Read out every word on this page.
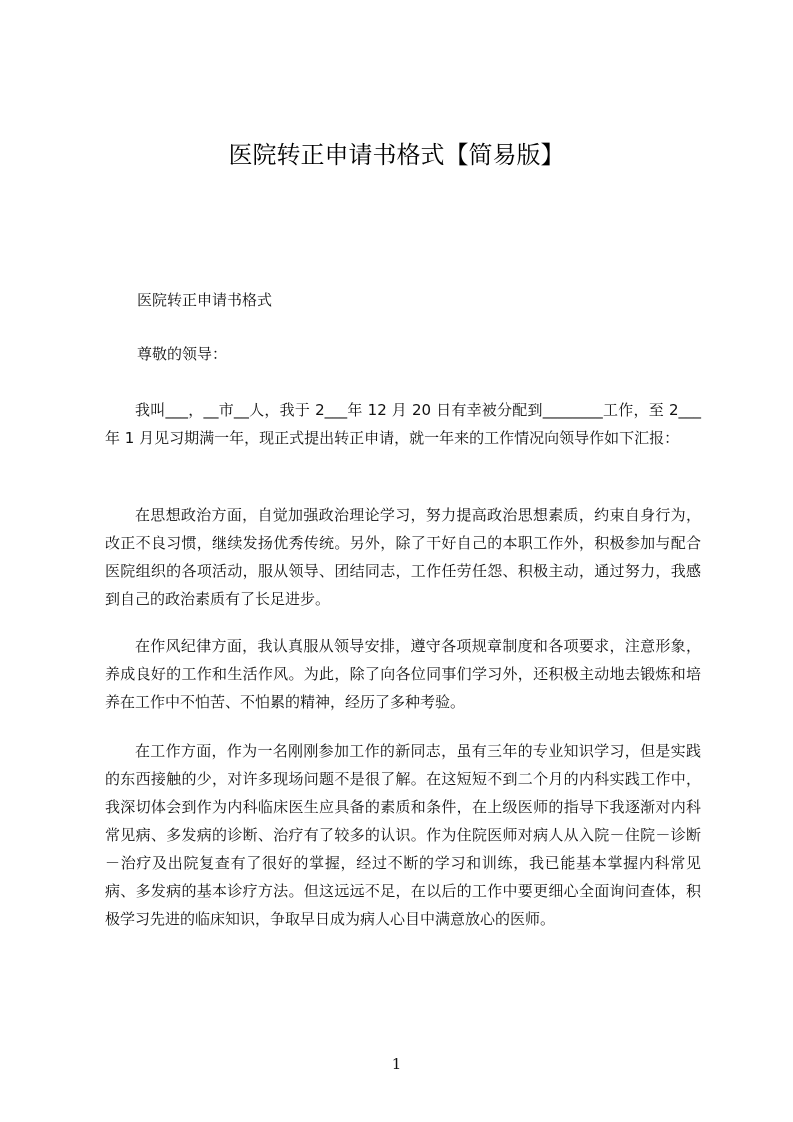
医院转正申请书格式【简易版】
医院转正申请书格式
尊敬的领导：
我叫___，__市__人，我于 2___年 12 月 20 日有幸被分配到________工作，至 2___年 1 月见习期满一年，现正式提出转正申请，就一年来的工作情况向领导作如下汇报：
在思想政治方面，自觉加强政治理论学习，努力提高政治思想素质，约束自身行为，改正不良习惯，继续发扬优秀传统。另外，除了干好自己的本职工作外，积极参加与配合医院组织的各项活动，服从领导、团结同志，工作任劳任怨、积极主动，通过努力，我感到自己的政治素质有了长足进步。
在作风纪律方面，我认真服从领导安排，遵守各项规章制度和各项要求，注意形象，养成良好的工作和生活作风。为此，除了向各位同事们学习外，还积极主动地去锻炼和培养在工作中不怕苦、不怕累的精神，经历了多种考验。
在工作方面，作为一名刚刚参加工作的新同志，虽有三年的专业知识学习，但是实践的东西接触的少，对许多现场问题不是很了解。在这短短不到二个月的内科实践工作中，我深切体会到作为内科临床医生应具备的素质和条件，在上级医师的指导下我逐渐对内科常见病、多发病的诊断、治疗有了较多的认识。作为住院医师对病人从入院－住院－诊断－治疗及出院复查有了很好的掌握，经过不断的学习和训练，我已能基本掌握内科常见病、多发病的基本诊疗方法。但这远远不足，在以后的工作中要更细心全面询问查体，积极学习先进的临床知识，争取早日成为病人心目中满意放心的医师。
1
